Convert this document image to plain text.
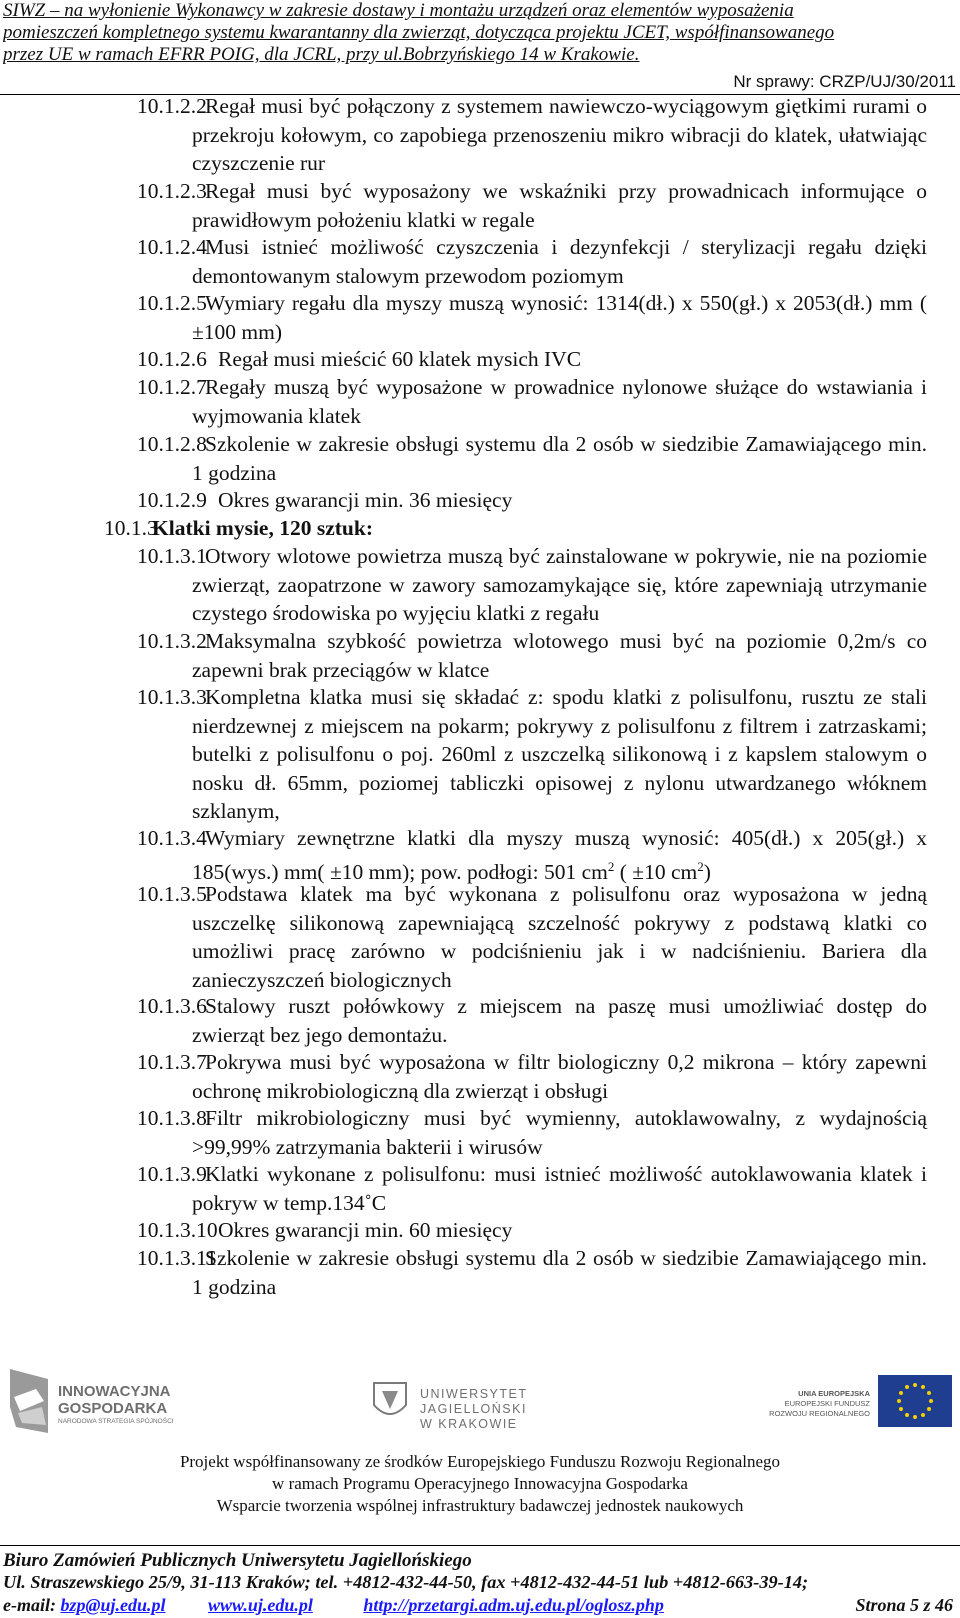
SIWZ – na wyłonienie Wykonawcy w zakresie dostawy i montażu urządzeń oraz elementów wyposażenia
pomieszczeń kompletnego systemu kwarantanny dla zwierząt, dotycząca projektu JCET, współfinansowanego
przez UE w ramach EFRR POIG, dla JCRL, przy ul.Bobrzyńskiego 14 w Krakowie.
Nr sprawy: CRZP/UJ/30/2011
10.1.2.2
Regał musi być połączony z systemem nawiewczo-wyciągowym giętkimi rurami o przekroju kołowym, co zapobiega przenoszeniu mikro wibracji do klatek, ułatwiając czyszczenie rur
10.1.2.3
Regał musi być wyposażony we wskaźniki przy prowadnicach informujące o prawidłowym położeniu klatki w regale
10.1.2.4
Musi istnieć możliwość czyszczenia i dezynfekcji / sterylizacji regału dzięki demontowanym stalowym przewodom poziomym
10.1.2.5
Wymiary regału dla myszy muszą wynosić: 1314(dł.) x 550(gł.) x 2053(dł.) mm ( ±100 mm)
10.1.2.6 Regał musi mieścić 60 klatek mysich IVC
10.1.2.7
Regały muszą być wyposażone w prowadnice nylonowe służące do wstawiania i wyjmowania klatek
10.1.2.8
Szkolenie w zakresie obsługi systemu dla 2 osób w siedzibie Zamawiającego min. 1 godzina
10.1.2.9 Okres gwarancji min. 36 miesięcy
10.1.3
Klatki mysie, 120 sztuk:
10.1.3.1
Otwory wlotowe powietrza muszą być zainstalowane w pokrywie, nie na poziomie zwierząt, zaopatrzone w zawory samozamykające się, które zapewniają utrzymanie czystego środowiska po wyjęciu klatki z regału
10.1.3.2
Maksymalna szybkość powietrza wlotowego musi być na poziomie 0,2m/s co zapewni brak przeciągów w klatce
10.1.3.3
Kompletna klatka musi się składać z: spodu klatki z polisulfonu, rusztu ze stali nierdzewnej z miejscem na pokarm; pokrywy z polisulfonu z filtrem i zatrzaskami; butelki z polisulfonu o poj. 260ml z uszczelką silikonową i z kapslem stalowym o nosku dł. 65mm, poziomej tabliczki opisowej z nylonu utwardzanego włóknem szklanym,
10.1.3.4
Wymiary zewnętrzne klatki dla myszy muszą wynosić: 405(dł.) x 205(gł.) x 185(wys.) mm( ±10 mm); pow. podłogi: 501 $cm^2$ ( ±10 $cm^2$)
10.1.3.5
Podstawa klatek ma być wykonana z polisulfonu oraz wyposażona w jedną uszczelkę silikonową zapewniającą szczelność pokrywy z podstawą klatki co umożliwi pracę zarówno w podciśnieniu jak i w nadciśnieniu. Bariera dla zanieczyszczeń biologicznych
10.1.3.6
Stalowy ruszt połówkowy z miejscem na paszę musi umożliwiać dostęp do zwierząt bez jego demontażu.
10.1.3.7
Pokrywa musi być wyposażona w filtr biologiczny 0,2 mikrona – który zapewni ochronę mikrobiologiczną dla zwierząt i obsługi
10.1.3.8
Filtr mikrobiologiczny musi być wymienny, autoklawowalny, z wydajnością >99,99% zatrzymania bakterii i wirusów
10.1.3.9
Klatki wykonane z polisulfonu: musi istnieć możliwość autoklawowania klatek i pokryw w temp.134˚C
10.1.3.10 Okres gwarancji min. 60 miesięcy
10.1.3.11
Szkolenie w zakresie obsługi systemu dla 2 osób w siedzibie Zamawiającego min. 1 godzina
INNOWACYJNA
GOSPODARKA
NARODOWA STRATEGIA SPÓJNOŚCI
UNIWERSYTET JAGIELLOŃSKI
W KRAKOWIE
UNIA EUROPEJSKA
EUROPEJSKI FUNDUSZ
ROZWOJU REGIONALNEGO
Projekt współfinansowany ze środków Europejskiego Funduszu Rozwoju Regionalnego
w ramach Programu Operacyjnego Innowacyjna Gospodarka
Wsparcie tworzenia wspólnej infrastruktury badawczej jednostek naukowych
Biuro Zamówień Publicznych Uniwersytetu Jagiellońskiego
Ul. Straszewskiego 25/9, 31-113 Kraków; tel. +4812-432-44-50, fax +4812-432-44-51 lub +4812-663-39-14;
e-mail: bzp@uj.edu.pl www.uj.edu.pl	http://przetargi.adm.uj.edu.pl/oglosz.php	Strona 5 z 46
